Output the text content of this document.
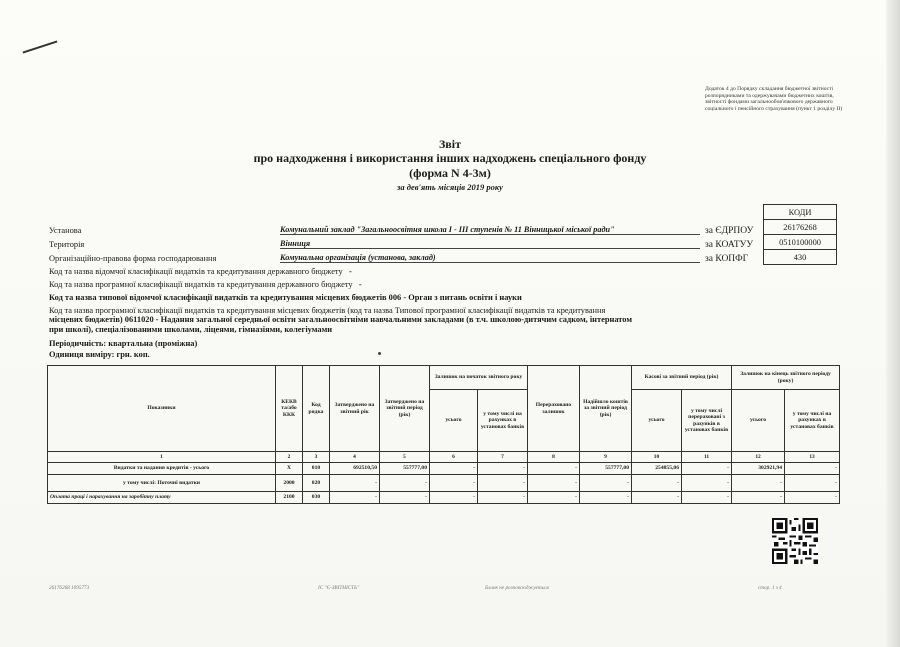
Додаток 4 до Порядку складання бюджетної звітності розпорядниками та одержувачами бюджетних коштів, звітності фондами загальнообов'язкового державного соціального і пенсійного страхування (пункт 1 розділу II)
Звіт
про надходження і використання інших надходжень спеціального фонду
(форма N 4-3м)
за дев'ять місяців 2019 року
КОДИ
26176268
0510100000
430
Установа	Комунальний заклад "Загальноосвітня школа І - ІІІ ступенів № 11 Вінницької міської ради"	за ЄДРПОУ
Територія	Вінниця	за КОАТУУ
Організаційно-правова форма господарювання	Комунальна організація (установа, заклад)	за КОПФГ
Код та назва відомчої класифікації видатків та кредитування державного бюджету -
Код та назва програмної класифікації видатків та кредитування державного бюджету -
Код та назва типової відомчої класифікації видатків та кредитування місцевих бюджетів 006 - Орган з питань освіти і науки
Код та назва програмної класифікації видатків та кредитування місцевих бюджетів (код та назва Типової програмної класифікації видатків та кредитування
місцевих бюджетів) 0611020 - Надання загальної середньої освіти загальноосвітніми навчальними закладами (в т.ч. школою-дитячим садком, інтернатом
при школі), спеціалізованими школами, ліцеями, гімназіями, колегіумами
Періодичність: квартальна (проміжна)
Одиниця виміру: грн. коп.
Показники	КЕКВ та/або ККК	Код рядка	Затверджено на звітний рік	Затверджено на звітний період (рік)	Залишок на початок звітного року		Перераховано залишок	Надійшло коштів за звітний період (рік)	Касові за звітний період (рік)		Залишок на кінець звітного періоду (року)	
					усього	у тому числі на рахунках в установах банків			усього	у тому числі перераховані з рахунків в установах банків	усього	у тому числі на рахунках в установах банків
1	2	3	4	5	6	7	8	9	10	11	12	13
Видатки та надання кредитів - усього	X	010	692510,50	557777,00	-	-	-	557777,00	254855,06	-	302921,94	-
у тому числі: Поточні видатки	2000	020	-	-	-	-	-	-	-	-	-	-
Оплата праці і нарахування на заробітну плату	2100	030	-	-	-	-	-	-	-	-	-	-
26176268 1095773	ІС "Є-ЗВІТНІСТЬ"	Бланк не розповсюджується	стор. 1 з 4
